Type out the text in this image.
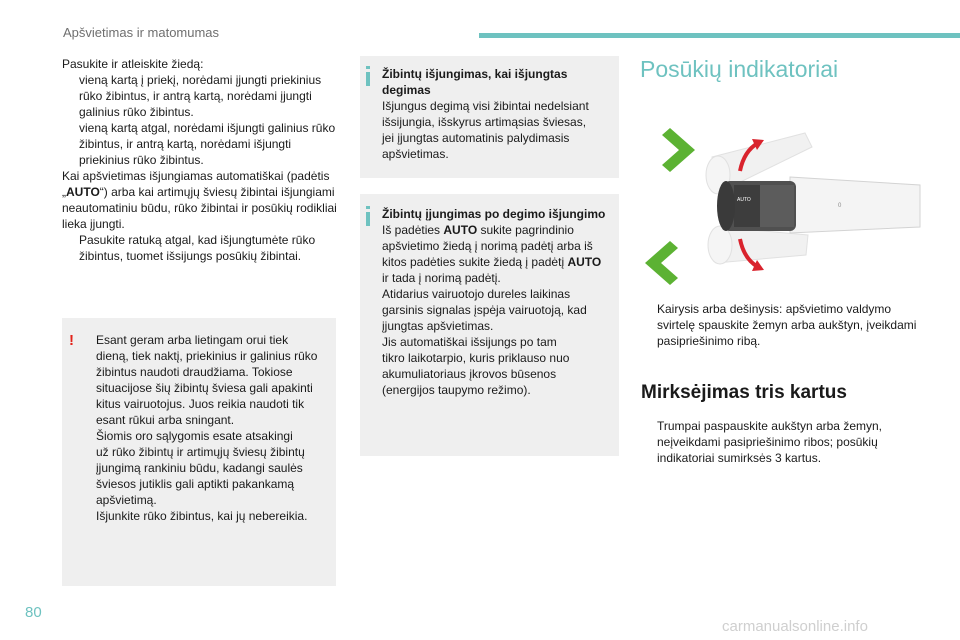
Apšvietimas ir matomumas

Pasukite ir atleiskite žiedą:

vieną kartą į priekį, norėdami įjungti priekinius rūko žibintus, ir antrą kartą, norėdami įjungti galinius rūko žibintus.
vieną kartą atgal, norėdami išjungti galinius rūko žibintus, ir antrą kartą, norėdami išjungti priekinius rūko žibintus.

Kai apšvietimas išjungiamas automatiškai (padėtis „AUTO“) arba kai artimųjų šviesų žibintai išjungiami neautomatiniu būdu, rūko žibintai ir posūkių rodikliai lieka įjungti.

Pasukite ratuką atgal, kad išjungtumėte rūko žibintus, tuomet išsijungs posūkių žibintai.
! Esant geram arba lietingam orui tiek
dieną, tiek naktį, priekinius ir galinius rūko
žibintus naudoti draudžiama. Tokiose
situacijose šių žibintų šviesa gali apakinti
kitus vairuotojus. Juos reikia naudoti tik
esant rūkui arba sningant.
Šiomis oro sąlygomis esate atsakingi
už rūko žibintų ir artimųjų šviesų žibintų
įjungimą rankiniu būdu, kadangi saulės
šviesos jutiklis gali aptikti pakankamą
apšvietimą.
Išjunkite rūko žibintus, kai jų nebereikia.
Žibintų išjungimas, kai išjungtas
degimas
Išjungus degimą visi žibintai nedelsiant
išsijungia, išskyrus artimąsias šviesas,
jei įjungtas automatinis palydimasis
apšvietimas.
Žibintų įjungimas po degimo išjungimo
Iš padėties AUTO sukite pagrindinio
apšvietimo žiedą į norimą padėtį arba iš
kitos padėties sukite žiedą į padėtį AUTO
ir tada į norimą padėtį.
Atidarius vairuotojo dureles laikinas
garsinis signalas įspėja vairuotoją, kad
įjungtas apšvietimas.
Jis automatiškai išsijungs po tam
tikro laikotarpio, kuris priklauso nuo
akumuliatoriaus įkrovos būsenos
(energijos taupymo režimo).
Posūkių indikatoriai
AUTO
0
Kairysis arba dešinysis: apšvietimo valdymo svirtelę spauskite žemyn arba aukštyn, įveikdami pasipriešinimo ribą.
Mirksėjimas tris kartus
Trumpai paspauskite aukštyn arba žemyn, neįveikdami pasipriešinimo ribos; posūkių indikatoriai sumirksės 3 kartus.
80
carmanualsonline.info
